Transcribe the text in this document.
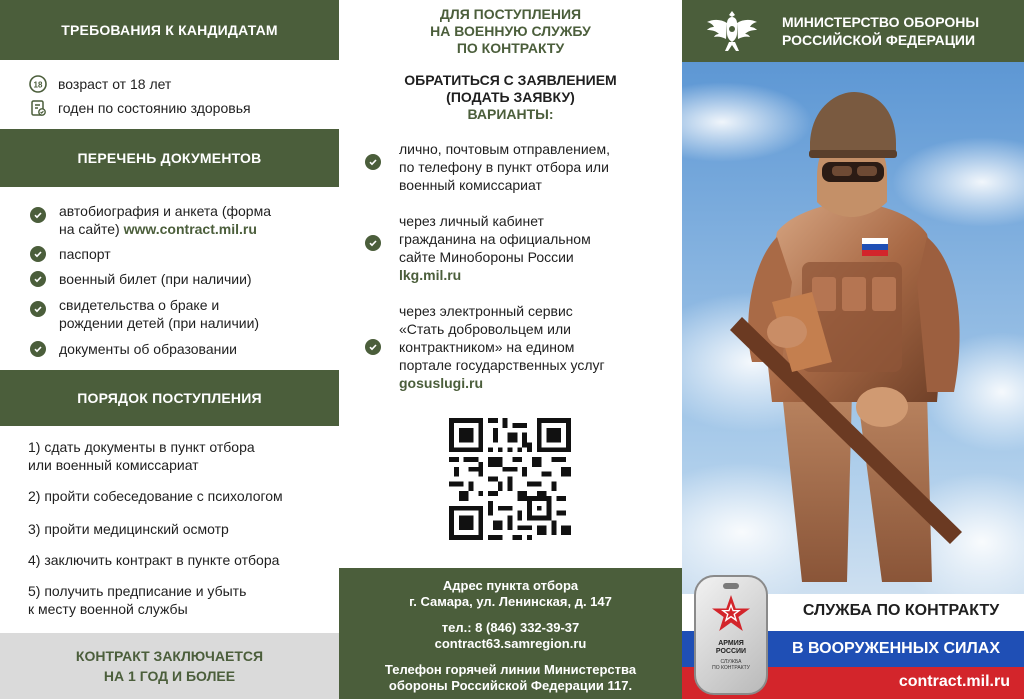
ТРЕБОВАНИЯ К КАНДИДАТАМ
18 возраст от 18 лет
годен по состоянию здоровья
ПЕРЕЧЕНЬ ДОКУМЕНТОВ
автобиография и анкета (форма
на сайте) www.contract.mil.ru
паспорт
военный билет (при наличии)
свидетельства о браке и
рождении детей (при наличии)
документы об образовании
ПОРЯДОК ПОСТУПЛЕНИЯ
1) сдать документы в пункт отбора
или военный комиссариат
2) пройти собеседование с психологом
3) пройти медицинский осмотр
4) заключить контракт в пункте отбора
5) получить предписание и убыть
к месту военной службы
КОНТРАКТ ЗАКЛЮЧАЕТСЯ
НА 1 ГОД И БОЛЕЕ
ДЛЯ ПОСТУПЛЕНИЯ
НА ВОЕННУЮ СЛУЖБУ
ПО КОНТРАКТУ
ОБРАТИТЬСЯ С ЗАЯВЛЕНИЕМ
(ПОДАТЬ ЗАЯВКУ)
ВАРИАНТЫ:
лично, почтовым отправлением,
по телефону в пункт отбора или
военный комиссариат
через личный кабинет
гражданина на официальном
сайте Минобороны России
lkg.mil.ru
через электронный сервис
«Стать добровольцем или
контрактником» на едином
портале государственных услуг
gosuslugi.ru
Адрес пункта отбора
г. Самара, ул. Ленинская, д. 147
тел.: 8 (846) 332-39-37
contract63.samregion.ru
Телефон горячей линии Министерства
обороны Российской Федерации 117.
МИНИСТЕРСТВО ОБОРОНЫ
РОССИЙСКОЙ ФЕДЕРАЦИИ
СЛУЖБА ПО КОНТРАКТУ
В ВООРУЖЕННЫХ СИЛАХ
contract.mil.ru
АРМИЯ
РОССИИ
СЛУЖБА
ПО КОНТРАКТУ
